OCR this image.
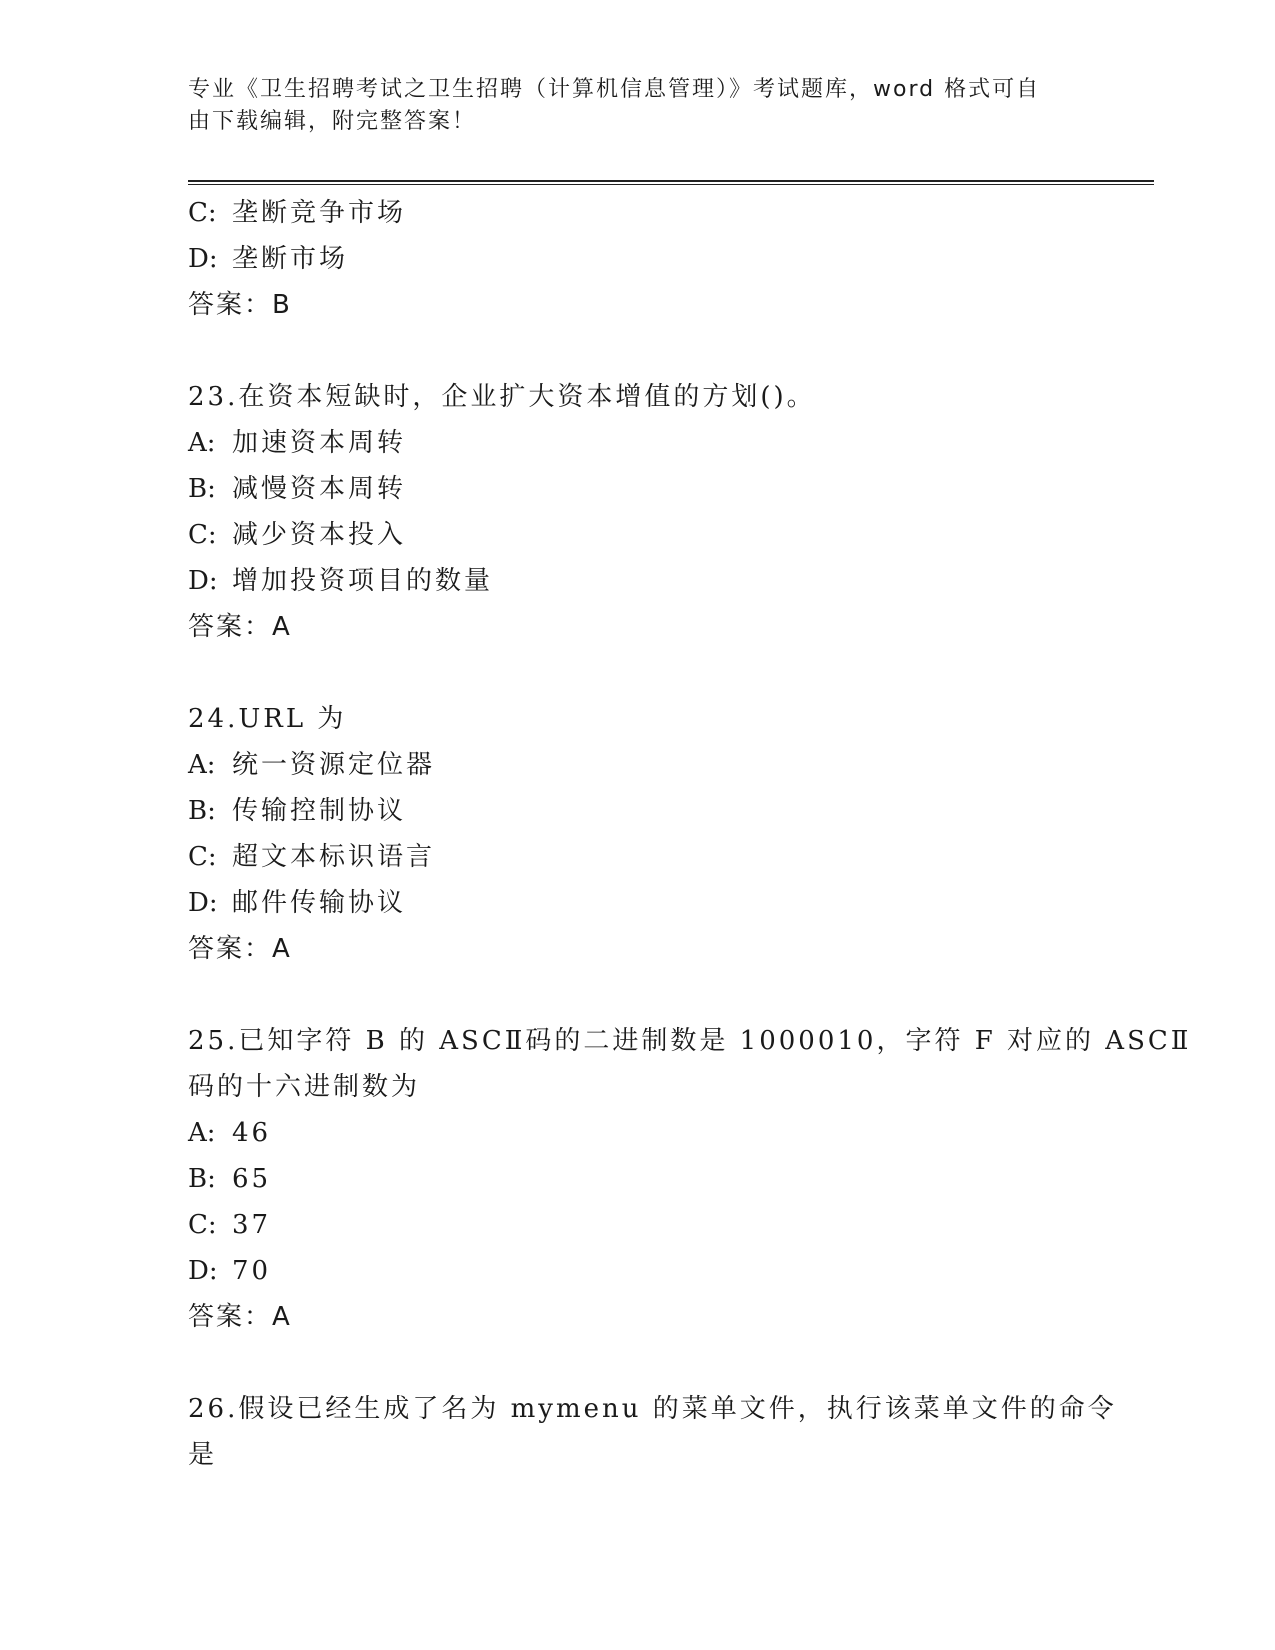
专业《卫生招聘考试之卫生招聘（计算机信息管理）》考试题库，word 格式可自
由下载编辑，附完整答案！
C: 垄断竞争市场
D: 垄断市场
答案：B
23.在资本短缺时，企业扩大资本增值的方划()。
A: 加速资本周转
B: 减慢资本周转
C: 减少资本投入
D: 增加投资项目的数量
答案：A
24.URL 为
A: 统一资源定位器
B: 传输控制协议
C: 超文本标识语言
D: 邮件传输协议
答案：A
25.已知字符 B 的 ASCⅡ码的二进制数是 1000010，字符 F 对应的 ASCⅡ
码的十六进制数为
A: 46
B: 65
C: 37
D: 70
答案：A
26.假设已经生成了名为 mymenu 的菜单文件，执行该菜单文件的命令
是
